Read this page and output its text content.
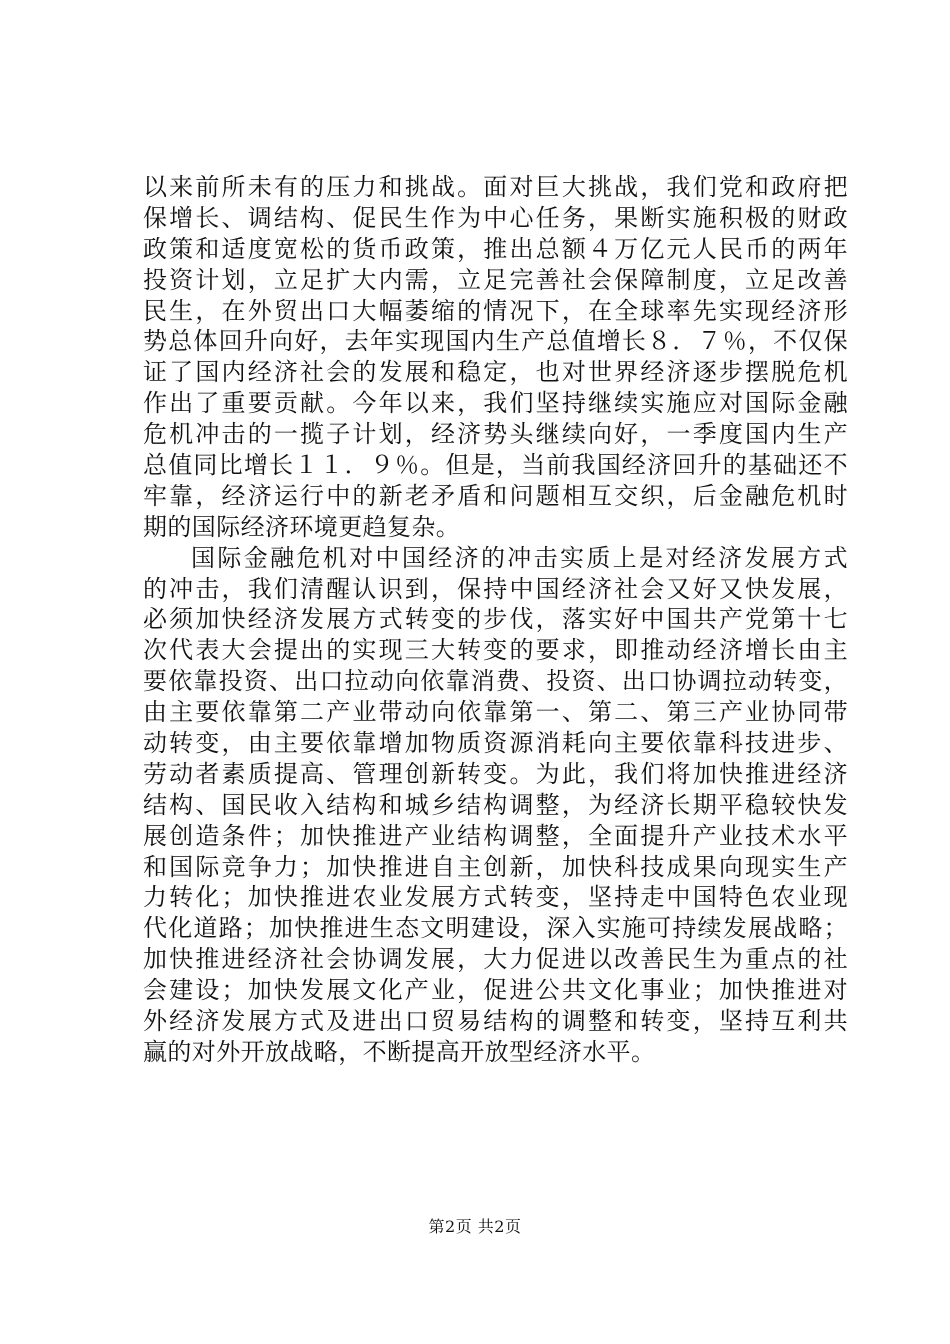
以来前所未有的压力和挑战。面对巨大挑战，我们党和政府把
保增长、调结构、促民生作为中心任务，果断实施积极的财政
政策和适度宽松的货币政策，推出总额４万亿元人民币的两年
投资计划，立足扩大内需，立足完善社会保障制度，立足改善
民生，在外贸出口大幅萎缩的情况下，在全球率先实现经济形
势总体回升向好，去年实现国内生产总值增长８．７％，不仅保
证了国内经济社会的发展和稳定，也对世界经济逐步摆脱危机
作出了重要贡献。今年以来，我们坚持继续实施应对国际金融
危机冲击的一揽子计划，经济势头继续向好，一季度国内生产
总值同比增长１１．９％。但是，当前我国经济回升的基础还不
牢靠，经济运行中的新老矛盾和问题相互交织，后金融危机时
期的国际经济环境更趋复杂。
国际金融危机对中国经济的冲击实质上是对经济发展方式
的冲击，我们清醒认识到，保持中国经济社会又好又快发展，
必须加快经济发展方式转变的步伐，落实好中国共产党第十七
次代表大会提出的实现三大转变的要求，即推动经济增长由主
要依靠投资、出口拉动向依靠消费、投资、出口协调拉动转变，
由主要依靠第二产业带动向依靠第一、第二、第三产业协同带
动转变，由主要依靠增加物质资源消耗向主要依靠科技进步、
劳动者素质提高、管理创新转变。为此，我们将加快推进经济
结构、国民收入结构和城乡结构调整，为经济长期平稳较快发
展创造条件；加快推进产业结构调整，全面提升产业技术水平
和国际竞争力；加快推进自主创新，加快科技成果向现实生产
力转化；加快推进农业发展方式转变，坚持走中国特色农业现
代化道路；加快推进生态文明建设，深入实施可持续发展战略；
加快推进经济社会协调发展，大力促进以改善民生为重点的社
会建设；加快发展文化产业，促进公共文化事业；加快推进对
外经济发展方式及进出口贸易结构的调整和转变，坚持互利共
赢的对外开放战略，不断提高开放型经济水平。
第2页 共2页
